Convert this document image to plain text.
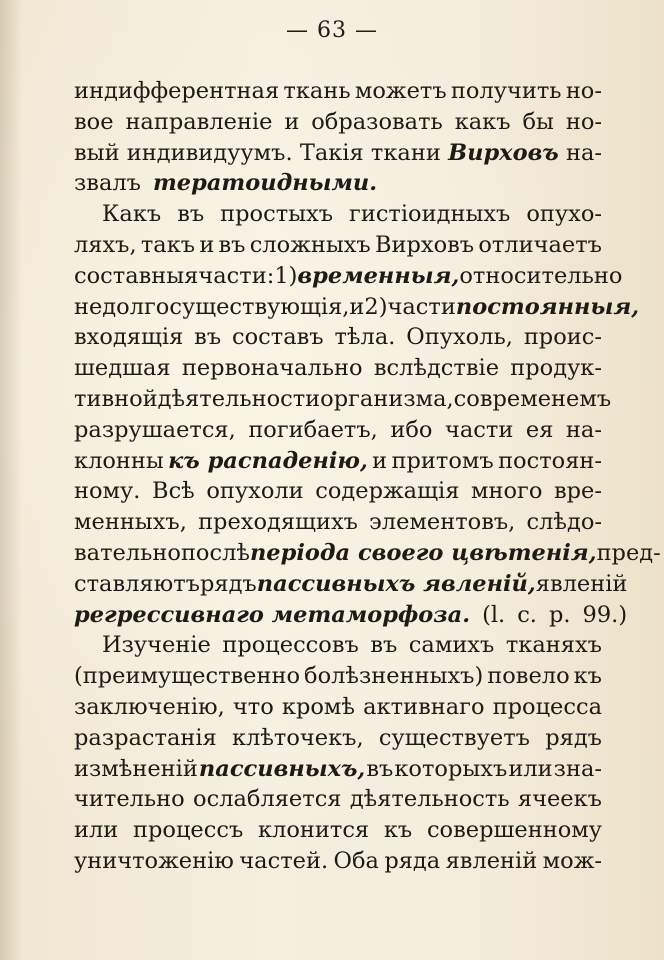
— 63 —
индифферентная ткань можетъ получить но-
вое направленіе и образовать какъ бы но-
вый индивидуумъ. Такія ткани Вирховъ на-
звалъ тератоидными.
Какъ въ простыхъ гистіоидныхъ опухо-
ляхъ, такъ и въ сложныхъ Вирховъ отличаетъ
составныя части: 1) временныя, относительно
недолго существующія, и 2) части постоянныя,
входящія въ составъ тѣла. Опухоль, проис-
шедшая первоначально вслѣдствіе продук-
тивной дѣятельности организма, со временемъ
разрушается, погибаетъ, ибо части ея на-
клонны къ распаденію, и притомъ постоян-
ному. Всѣ опухоли содержащія много вре-
менныхъ, преходящихъ элементовъ, слѣдо-
вательно послѣ періода своего цвѣтенія, пред-
ставляютъ рядъ пассивныхъ явленій, явленій
регрессивнаго метаморфоза. (l. c. p. 99.)
Изученіе процессовъ въ самихъ тканяхъ
(преимущественно болѣзненныхъ) повело къ
заключенію, что кромѣ активнаго процесса
разрастанія клѣточекъ, существуетъ рядъ
измѣненій пассивныхъ, въ которыхъ или зна-
чительно ослабляется дѣятельность ячеекъ
или процессъ клонится къ совершенному
уничтоженію частей. Оба ряда явленій мож-
